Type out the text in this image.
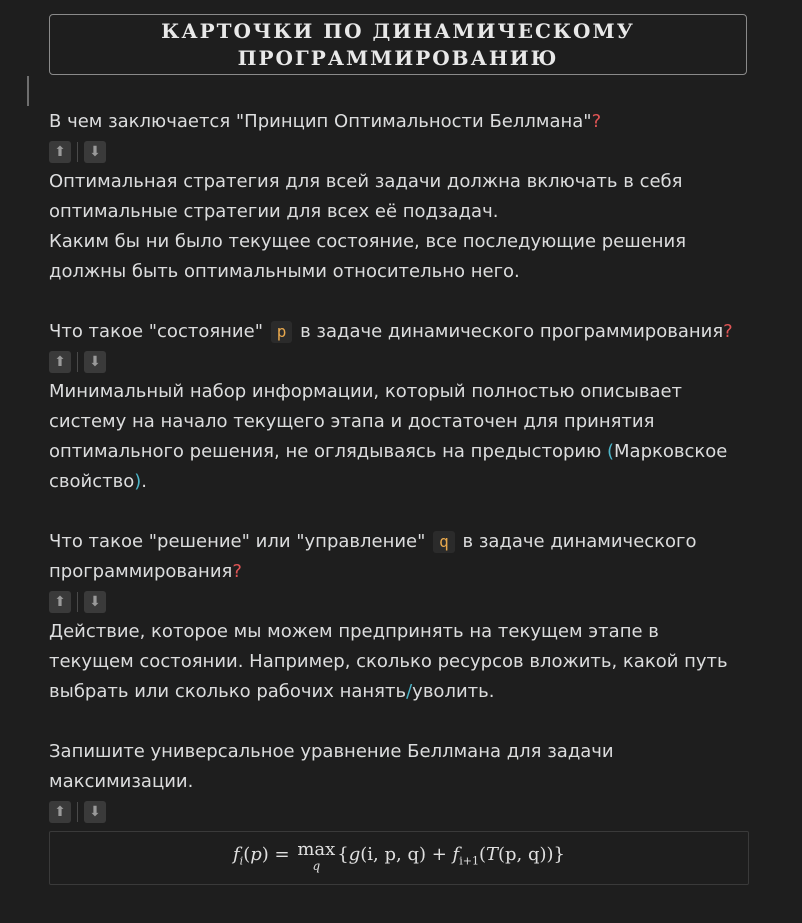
КАРТОЧКИ ПО ДИНАМИЧЕСКОМУ
ПРОГРАММИРОВАНИЮ

В чем заключается "Принцип Оптимальности Беллмана"?

⬆	⬇

Оптимальная стратегия для всей задачи должна включать в себя
оптимальные стратегии для всех её подзадач.
Каким бы ни было текущее состояние, все последующие решения
должны быть оптимальными относительно него.

Что такое "состояние" p в задаче динамического программирования?

⬆	⬇

Минимальный набор информации, который полностью описывает
систему на начало текущего этапа и достаточен для принятия
оптимального решения, не оглядываясь на предысторию (Марковское
свойство).

Что такое "решение" или "управление" q в задаче динамического
программирования?

⬆	⬇

Действие, которое мы можем предпринять на текущем этапе в
текущем состоянии. Например, сколько ресурсов вложить, какой путь
выбрать или сколько рабочих нанять/уволить.

Запишите универсальное уравнение Беллмана для задачи
максимизации.

⬆	⬇
$f_i(p) = \max$
q
{g(i, p, $q) + f_{i+1}(T(p$, q))}
